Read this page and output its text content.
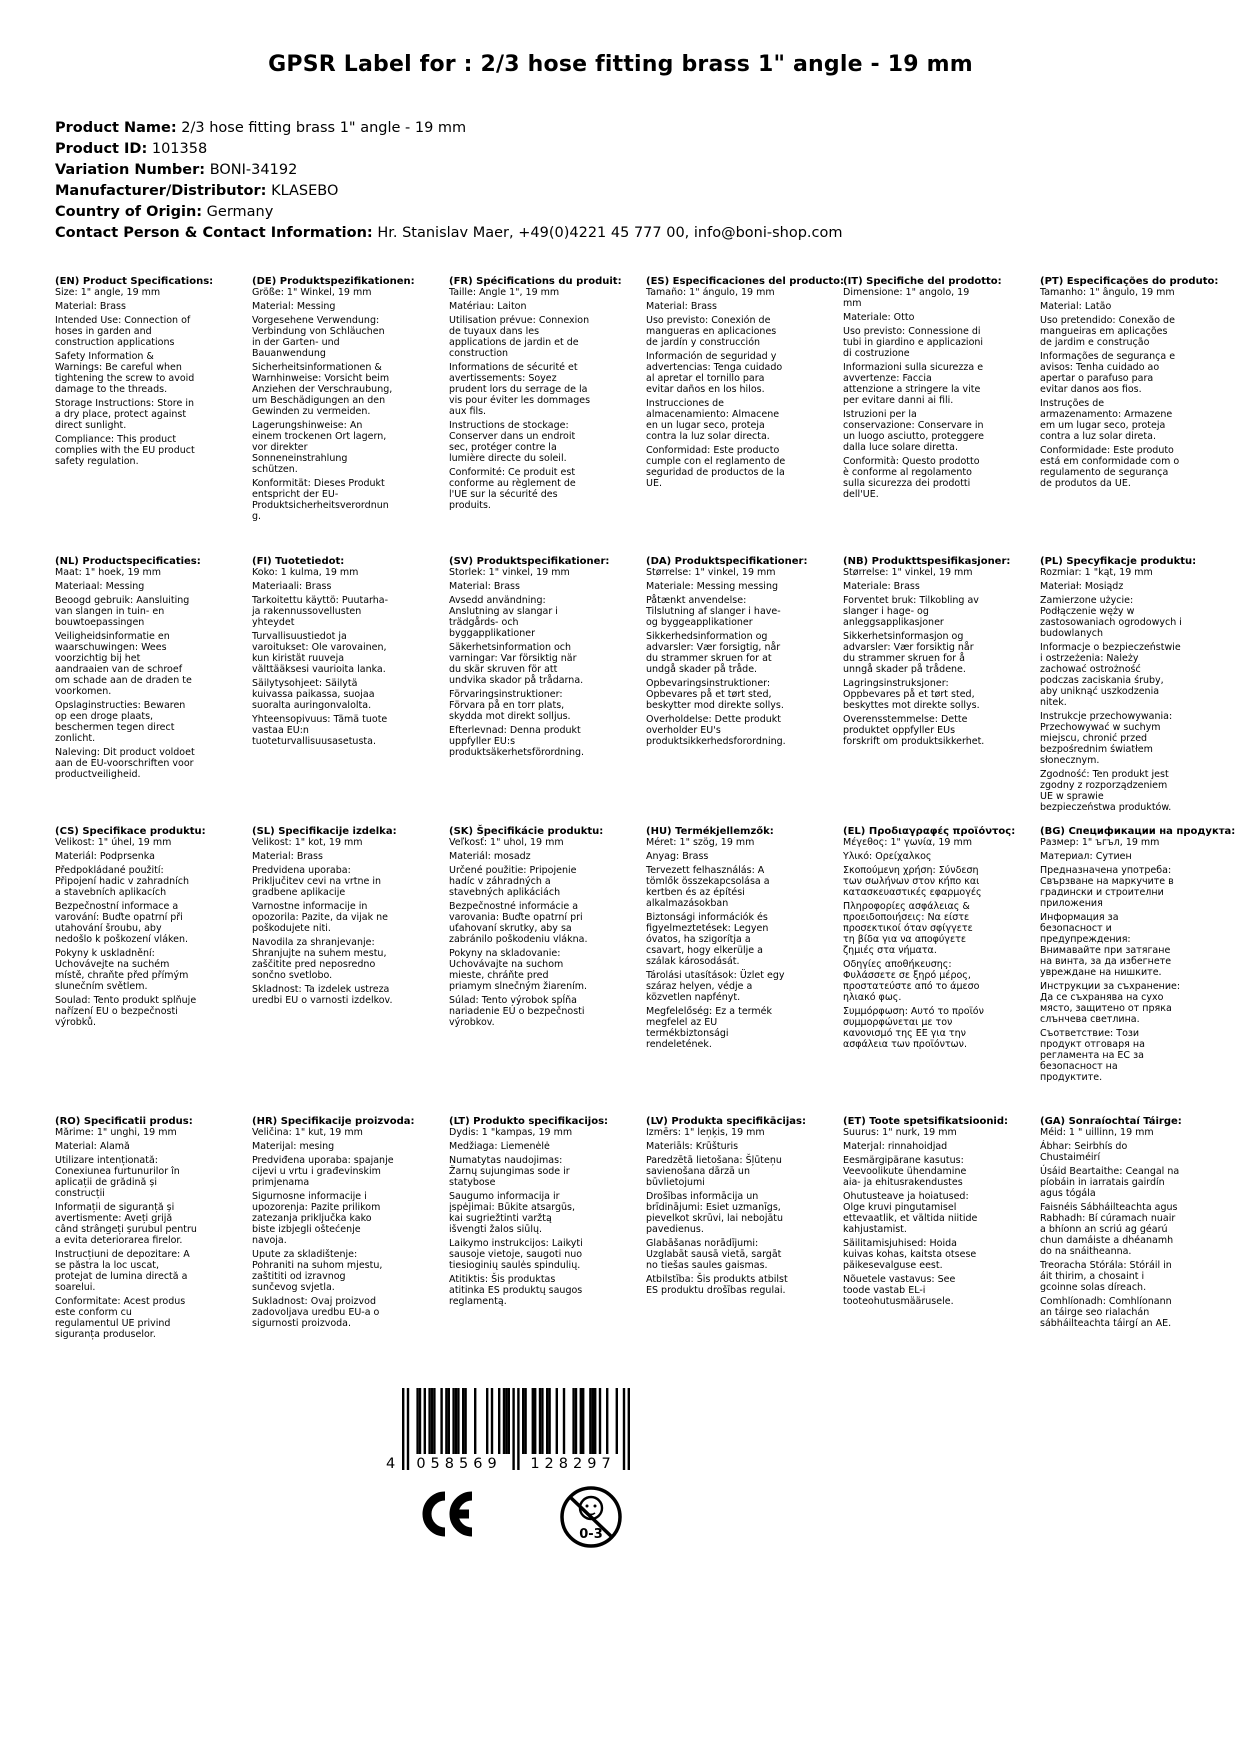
GPSR Label for : 2/3 hose fitting brass 1" angle - 19 mm
Product Name: 2/3 hose fitting brass 1" angle - 19 mm
Product ID: 101358
Variation Number: BONI-34192
Manufacturer/Distributor: KLASEBO
Country of Origin: Germany
Contact Person & Contact Information: Hr. Stanislav Maer, +49(0)4221 45 777 00, info@boni-shop.com
(EN) Product Specifications:

Size: 1" angle, 19 mm

Material: Brass

Intended Use: Connection of hoses in garden and construction applications

Safety Information & Warnings: Be careful when tightening the screw to avoid damage to the threads.

Storage Instructions: Store in a dry place, protect against direct sunlight.

Compliance: This product complies with the EU product safety regulation.

(DE) Produktspezifikationen:

Größe: 1" Winkel, 19 mm

Material: Messing

Vorgesehene Verwendung: Verbindung von Schläuchen in der Garten- und Bauanwendung

Sicherheitsinformationen & Warnhinweise: Vorsicht beim Anziehen der Verschraubung, um Beschädigungen an den Gewinden zu vermeiden.

Lagerungshinweise: An einem trockenen Ort lagern, vor direkter Sonneneinstrahlung schützen.

Konformität: Dieses Produkt entspricht der EU-Produktsicherheitsverordnung.

(FR) Spécifications du produit:

Taille: Angle 1", 19 mm

Matériau: Laiton

Utilisation prévue: Connexion de tuyaux dans les applications de jardin et de construction

Informations de sécurité et avertissements: Soyez prudent lors du serrage de la vis pour éviter les dommages aux fils.

Instructions de stockage: Conserver dans un endroit sec, protéger contre la lumière directe du soleil.

Conformité: Ce produit est conforme au règlement de l'UE sur la sécurité des produits.

(ES) Especificaciones del producto:

Tamaño: 1" ángulo, 19 mm

Material: Brass

Uso previsto: Conexión de mangueras en aplicaciones de jardín y construcción

Información de seguridad y advertencias: Tenga cuidado al apretar el tornillo para evitar daños en los hilos.

Instrucciones de almacenamiento: Almacene en un lugar seco, proteja contra la luz solar directa.

Conformidad: Este producto cumple con el reglamento de seguridad de productos de la UE.

(IT) Specifiche del prodotto:

Dimensione: 1" angolo, 19 mm

Materiale: Otto

Uso previsto: Connessione di tubi in giardino e applicazioni di costruzione

Informazioni sulla sicurezza e avvertenze: Faccia attenzione a stringere la vite per evitare danni ai fili.

Istruzioni per la conservazione: Conservare in un luogo asciutto, proteggere dalla luce solare diretta.

Conformità: Questo prodotto è conforme al regolamento sulla sicurezza dei prodotti dell'UE.

(PT) Especificações do produto:

Tamanho: 1" ângulo, 19 mm

Material: Latão

Uso pretendido: Conexão de mangueiras em aplicações de jardim e construção

Informações de segurança e avisos: Tenha cuidado ao apertar o parafuso para evitar danos aos fios.

Instruções de armazenamento: Armazene em um lugar seco, proteja contra a luz solar direta.

Conformidade: Este produto está em conformidade com o regulamento de segurança de produtos da UE.

(NL) Productspecificaties:

Maat: 1" hoek, 19 mm

Materiaal: Messing

Beoogd gebruik: Aansluiting van slangen in tuin- en bouwtoepassingen

Veiligheidsinformatie en waarschuwingen: Wees voorzichtig bij het aandraaien van de schroef om schade aan de draden te voorkomen.

Opslaginstructies: Bewaren op een droge plaats, beschermen tegen direct zonlicht.

Naleving: Dit product voldoet aan de EU-voorschriften voor productveiligheid.

(FI) Tuotetiedot:

Koko: 1 kulma, 19 mm

Materiaali: Brass

Tarkoitettu käyttö: Puutarha- ja rakennussovellusten yhteydet

Turvallisuustiedot ja varoitukset: Ole varovainen, kun kiristät ruuveja välttääksesi vaurioita lanka.

Säilytysohjeet: Säilytä kuivassa paikassa, suojaa suoralta auringonvalolta.

Yhteensopivuus: Tämä tuote vastaa EU:n tuoteturvallisuusasetusta.

(SV) Produktspecifikationer:

Storlek: 1" vinkel, 19 mm

Material: Brass

Avsedd användning: Anslutning av slangar i trädgårds- och byggapplikationer

Säkerhetsinformation och varningar: Var försiktig när du skär skruven för att undvika skador på trådarna.

Förvaringsinstruktioner: Förvara på en torr plats, skydda mot direkt solljus.

Efterlevnad: Denna produkt uppfyller EU:s produktsäkerhetsförordning.

(DA) Produktspecifikationer:

Størrelse: 1" vinkel, 19 mm

Materiale: Messing messing

Påtænkt anvendelse: Tilslutning af slanger i have- og byggeapplikationer

Sikkerhedsinformation og advarsler: Vær forsigtig, når du strammer skruen for at undgå skader på tråde.

Opbevaringsinstruktioner: Opbevares på et tørt sted, beskytter mod direkte sollys.

Overholdelse: Dette produkt overholder EU's produktsikkerhedsforordning.

(NB) Produkttspesifikasjoner:

Størrelse: 1" vinkel, 19 mm

Materiale: Brass

Forventet bruk: Tilkobling av slanger i hage- og anleggsapplikasjoner

Sikkerhetsinformasjon og advarsler: Vær forsiktig når du strammer skruen for å unngå skader på trådene.

Lagringsinstruksjoner: Oppbevares på et tørt sted, beskyttes mot direkte sollys.

Overensstemmelse: Dette produktet oppfyller EUs forskrift om produktsikkerhet.

(PL) Specyfikacje produktu:

Rozmiar: 1 "kąt, 19 mm

Materiał: Mosiądz

Zamierzone użycie: Podłączenie węży w zastosowaniach ogrodowych i budowlanych

Informacje o bezpieczeństwie i ostrzeżenia: Należy zachować ostrożność podczas zaciskania śruby, aby uniknąć uszkodzenia nitek.

Instrukcje przechowywania: Przechowywać w suchym miejscu, chronić przed bezpośrednim światłem słonecznym.

Zgodność: Ten produkt jest zgodny z rozporządzeniem UE w sprawie bezpieczeństwa produktów.

(CS) Specifikace produktu:

Velikost: 1" úhel, 19 mm

Materiál: Podprsenka

Předpokládané použití: Připojení hadic v zahradních a stavebních aplikacích

Bezpečnostní informace a varování: Buďte opatrní při utahování šroubu, aby nedošlo k poškození vláken.

Pokyny k uskladnění: Uchovávejte na suchém místě, chraňte před přímým slunečním světlem.

Soulad: Tento produkt splňuje nařízení EU o bezpečnosti výrobků.

(SL) Specifikacije izdelka:

Velikost: 1" kot, 19 mm

Material: Brass

Predvidena uporaba: Priključitev cevi na vrtne in gradbene aplikacije

Varnostne informacije in opozorila: Pazite, da vijak ne poškodujete niti.

Navodila za shranjevanje: Shranjujte na suhem mestu, zaščitite pred neposredno sončno svetlobo.

Skladnost: Ta izdelek ustreza uredbi EU o varnosti izdelkov.

(SK) Špecifikácie produktu:

Veľkosť: 1" uhol, 19 mm

Materiál: mosadz

Určené použitie: Pripojenie hadíc v záhradných a stavebných aplikáciách

Bezpečnostné informácie a varovania: Buďte opatrní pri uťahovaní skrutky, aby sa zabránilo poškodeniu vlákna.

Pokyny na skladovanie: Uchovávajte na suchom mieste, chráňte pred priamym slnečným žiarením.

Súlad: Tento výrobok spĺňa nariadenie EÚ o bezpečnosti výrobkov.

(HU) Termékjellemzők:

Méret: 1" szög, 19 mm

Anyag: Brass

Tervezett felhasználás: A tömlők összekapcsolása a kertben és az építési alkalmazásokban

Biztonsági információk és figyelmeztetések: Legyen óvatos, ha szigorítja a csavart, hogy elkerülje a szálak károsodását.

Tárolási utasítások: Üzlet egy száraz helyen, védje a közvetlen napfényt.

Megfelelőség: Ez a termék megfelel az EU termékbiztonsági rendeletének.

(EL) Προδιαγραφές προϊόντος:

Μέγεθος: 1" γωνία, 19 mm

Υλικό: Ορείχαλκος

Σκοπούμενη χρήση: Σύνδεση των σωλήνων στον κήπο και κατασκευαστικές εφαρμογές

Πληροφορίες ασφάλειας & προειδοποιήσεις: Να είστε προσεκτικοί όταν σφίγγετε τη βίδα για να αποφύγετε ζημιές στα νήματα.

Οδηγίες αποθήκευσης: Φυλάσσετε σε ξηρό μέρος, προστατεύστε από το άμεσο ηλιακό φως.

Συμμόρφωση: Αυτό το προϊόν συμμορφώνεται με τον κανονισμό της ΕΕ για την ασφάλεια των προϊόντων.

(BG) Спецификации на продукта:

Размер: 1" ъгъл, 19 mm

Материал: Сутиен

Предназначена употреба: Свързване на маркучите в градински и строителни приложения

Информация за безопасност и предупреждения: Внимавайте при затягане на винта, за да избегнете увреждане на нишките.

Инструкции за съхранение: Да се съхранява на сухо място, защитено от пряка слънчева светлина.

Съответствие: Този продукт отговаря на регламента на ЕС за безопасност на продуктите.

(RO) Specificatii produs:

Mărime: 1" unghi, 19 mm

Material: Alamă

Utilizare intenționată: Conexiunea furtunurilor în aplicații de grădină și construcții

Informații de siguranță și avertismente: Aveți grijă când strângeți șurubul pentru a evita deteriorarea firelor.

Instrucțiuni de depozitare: A se păstra la loc uscat, protejat de lumina directă a soarelui.

Conformitate: Acest produs este conform cu regulamentul UE privind siguranța produselor.

(HR) Specifikacije proizvoda:

Veličina: 1" kut, 19 mm

Materijal: mesing

Predviđena uporaba: spajanje cijevi u vrtu i građevinskim primjenama

Sigurnosne informacije i upozorenja: Pazite prilikom zatezanja priključka kako biste izbjegli oštećenje navoja.

Upute za skladištenje: Pohraniti na suhom mjestu, zaštititi od izravnog sunčevog svjetla.

Sukladnost: Ovaj proizvod zadovoljava uredbu EU-a o sigurnosti proizvoda.

(LT) Produkto specifikacijos:

Dydis: 1 "kampas, 19 mm

Medžiaga: Liemenėlė

Numatytas naudojimas: Žarnų sujungimas sode ir statybose

Saugumo informacija ir įspėjimai: Būkite atsargūs, kai sugriežtinti varžtą išvengti žalos siūlų.

Laikymo instrukcijos: Laikyti sausoje vietoje, saugoti nuo tiesioginių saulės spindulių.

Atitiktis: Šis produktas atitinka ES produktų saugos reglamentą.

(LV) Produkta specifikācijas:

Izmērs: 1" leņķis, 19 mm

Materiāls: Krūšturis

Paredzētā lietošana: Šļūteņu savienošana dārzā un būvlietojumi

Drošības informācija un brīdinājumi: Esiet uzmanīgs, pievelkot skrūvi, lai nebojātu pavedienus.

Glabāšanas norādījumi: Uzglabāt sausā vietā, sargāt no tiešas saules gaismas.

Atbilstība: Šis produkts atbilst ES produktu drošības regulai.

(ET) Toote spetsifikatsioonid:

Suurus: 1" nurk, 19 mm

Materjal: rinnahoidjad

Eesmärgipärane kasutus: Veevoolikute ühendamine aia- ja ehitusrakendustes

Ohutusteave ja hoiatused: Olge kruvi pingutamisel ettevaatlik, et vältida niitide kahjustamist.

Säilitamisjuhised: Hoida kuivas kohas, kaitsta otsese päikesevalguse eest.

Nõuetele vastavus: See toode vastab EL-i tooteohutusmäärusele.

(GA) Sonraíochtaí Táirge:

Méid: 1 " uillinn, 19 mm

Ábhar: Seirbhís do Chustaiméirí

Úsáid Beartaithe: Ceangal na píobáin in iarratais gairdín agus tógála

Faisnéis Sábháilteachta agus Rabhadh: Bí cúramach nuair a bhíonn an scriú ag géarú chun damáiste a dhéanamh do na snáitheanna.

Treoracha Stórála: Stóráil in áit thirim, a chosaint i gcoinne solas díreach.

Comhlíonadh: Comhlíonann an táirge seo rialachán sábháilteachta táirgí an AE.

4	058569	128297
0-3
